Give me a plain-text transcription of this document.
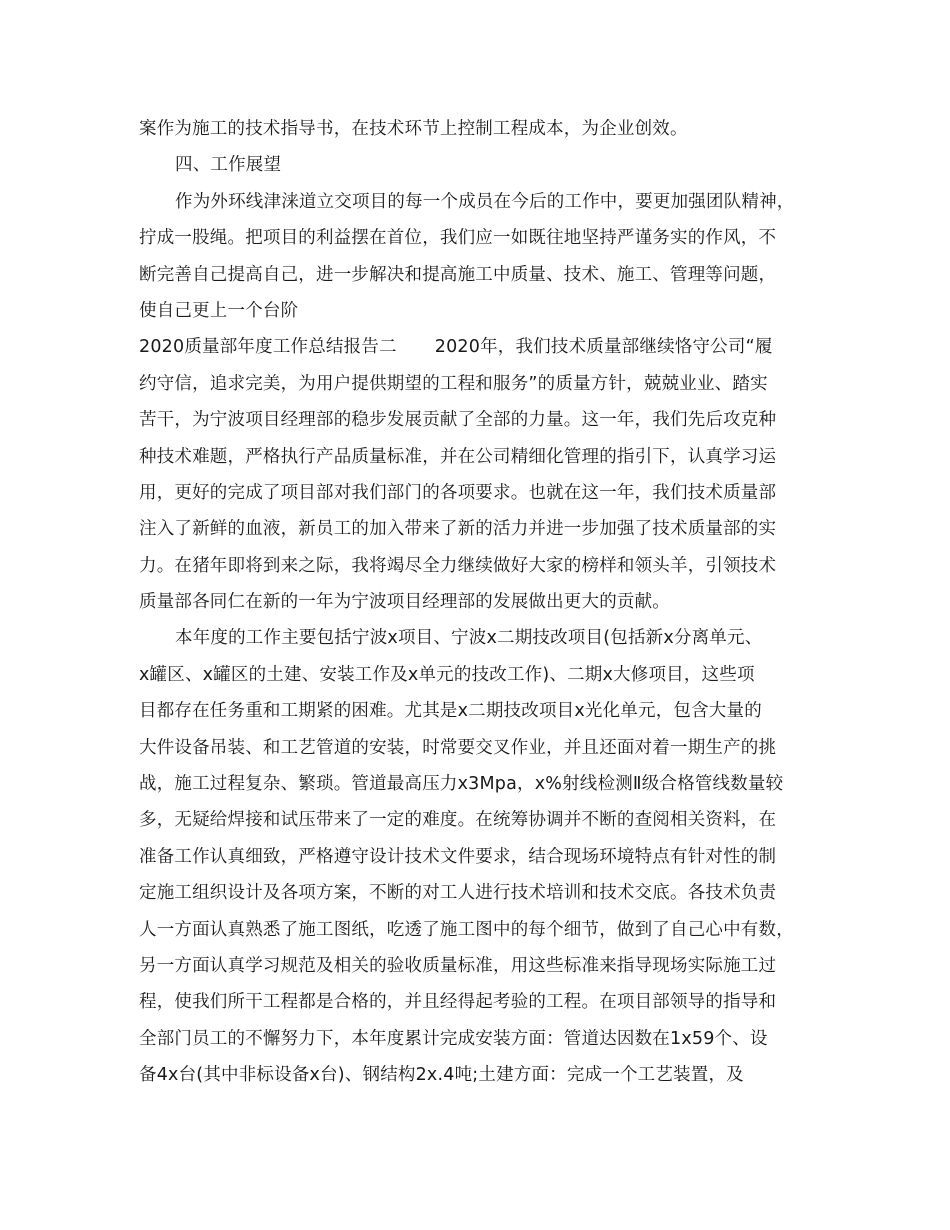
案作为施工的技术指导书，在技术环节上控制工程成本，为企业创效。
四、工作展望
作为外环线津涞道立交项目的每一个成员在今后的工作中，要更加强团队精神，
拧成一股绳。把项目的利益摆在首位，我们应一如既往地坚持严谨务实的作风，不
断完善自己提高自己，进一步解决和提高施工中质量、技术、施工、管理等问题，
使自己更上一个台阶
2020质量部年度工作总结报告二 2020年，我们技术质量部继续恪守公司“履
约守信，追求完美，为用户提供期望的工程和服务”的质量方针，兢兢业业、踏实
苦干，为宁波项目经理部的稳步发展贡献了全部的力量。这一年，我们先后攻克种
种技术难题，严格执行产品质量标准，并在公司精细化管理的指引下，认真学习运
用，更好的完成了项目部对我们部门的各项要求。也就在这一年，我们技术质量部
注入了新鲜的血液，新员工的加入带来了新的活力并进一步加强了技术质量部的实
力。在猪年即将到来之际，我将竭尽全力继续做好大家的榜样和领头羊，引领技术
质量部各同仁在新的一年为宁波项目经理部的发展做出更大的贡献。
本年度的工作主要包括宁波x项目、宁波x二期技改项目(包括新x分离单元、
x罐区、x罐区的土建、安装工作及x单元的技改工作)、二期x大修项目，这些项
目都存在任务重和工期紧的困难。尤其是x二期技改项目x光化单元，包含大量的
大件设备吊装、和工艺管道的安装，时常要交叉作业，并且还面对着一期生产的挑
战，施工过程复杂、繁琐。管道最高压力x3Mpa，x%射线检测Ⅱ级合格管线数量较
多，无疑给焊接和试压带来了一定的难度。在统筹协调并不断的查阅相关资料，在
准备工作认真细致，严格遵守设计技术文件要求，结合现场环境特点有针对性的制
定施工组织设计及各项方案，不断的对工人进行技术培训和技术交底。各技术负责
人一方面认真熟悉了施工图纸，吃透了施工图中的每个细节，做到了自己心中有数，
另一方面认真学习规范及相关的验收质量标准，用这些标准来指导现场实际施工过
程，使我们所干工程都是合格的，并且经得起考验的工程。在项目部领导的指导和
全部门员工的不懈努力下，本年度累计完成安装方面：管道达因数在1x59个、设
备4x台(其中非标设备x台)、钢结构2x.4吨;土建方面：完成一个工艺装置，及
